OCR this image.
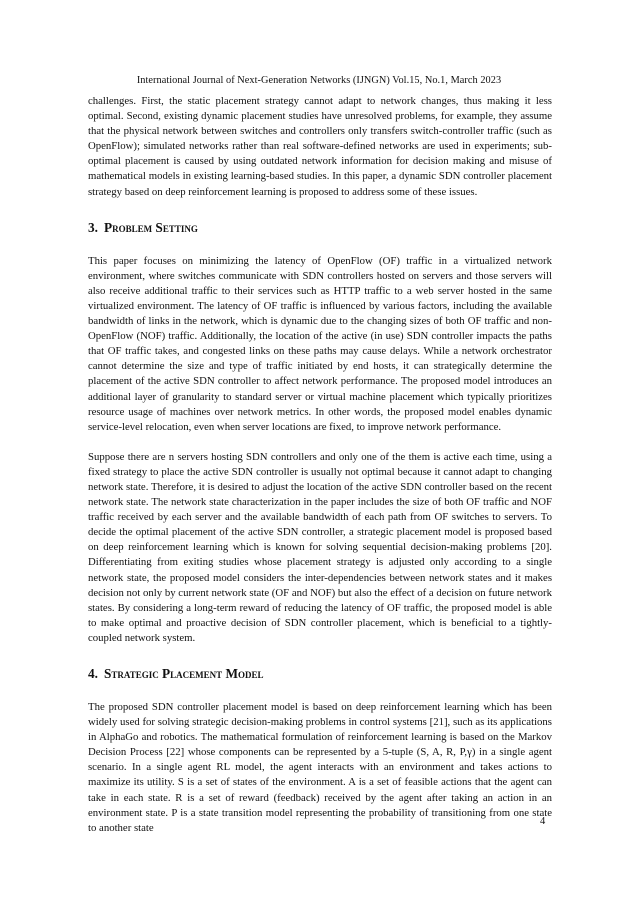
International Journal of Next-Generation Networks (IJNGN) Vol.15, No.1, March 2023

challenges. First, the static placement strategy cannot adapt to network changes, thus making it less optimal. Second, existing dynamic placement studies have unresolved problems, for example, they assume that the physical network between switches and controllers only transfers switch-controller traffic (such as OpenFlow); simulated networks rather than real software-defined networks are used in experiments; sub-optimal placement is caused by using outdated network information for decision making and misuse of mathematical models in existing learning-based studies. In this paper, a dynamic SDN controller placement strategy based on deep reinforcement learning is proposed to address some of these issues.

3. Problem Setting

This paper focuses on minimizing the latency of OpenFlow (OF) traffic in a virtualized network environment, where switches communicate with SDN controllers hosted on servers and those servers will also receive additional traffic to their services such as HTTP traffic to a web server hosted in the same virtualized environment. The latency of OF traffic is influenced by various factors, including the available bandwidth of links in the network, which is dynamic due to the changing sizes of both OF traffic and non-OpenFlow (NOF) traffic. Additionally, the location of the active (in use) SDN controller impacts the paths that OF traffic takes, and congested links on these paths may cause delays. While a network orchestrator cannot determine the size and type of traffic initiated by end hosts, it can strategically determine the placement of the active SDN controller to affect network performance. The proposed model introduces an additional layer of granularity to standard server or virtual machine placement which typically prioritizes resource usage of machines over network metrics. In other words, the proposed model enables dynamic service-level relocation, even when server locations are fixed, to improve network performance.

Suppose there are n servers hosting SDN controllers and only one of the them is active each time, using a fixed strategy to place the active SDN controller is usually not optimal because it cannot adapt to changing network state. Therefore, it is desired to adjust the location of the active SDN controller based on the recent network state. The network state characterization in the paper includes the size of both OF traffic and NOF traffic received by each server and the available bandwidth of each path from OF switches to servers. To decide the optimal placement of the active SDN controller, a strategic placement model is proposed based on deep reinforcement learning which is known for solving sequential decision-making problems [20]. Differentiating from exiting studies whose placement strategy is adjusted only according to a single network state, the proposed model considers the inter-dependencies between network states and it makes decision not only by current network state (OF and NOF) but also the effect of a decision on future network states. By considering a long-term reward of reducing the latency of OF traffic, the proposed model is able to make optimal and proactive decision of SDN controller placement, which is beneficial to a tightly-coupled network system.

4. Strategic Placement Model

The proposed SDN controller placement model is based on deep reinforcement learning which has been widely used for solving strategic decision-making problems in control systems [21], such as its applications in AlphaGo and robotics. The mathematical formulation of reinforcement learning is based on the Markov Decision Process [22] whose components can be represented by a 5-tuple (S, A, R, P,γ) in a single agent scenario. In a single agent RL model, the agent interacts with an environment and takes actions to maximize its utility. S is a set of states of the environment. A is a set of feasible actions that the agent can take in each state. R is a set of reward (feedback) received by the agent after taking an action in an environment state. P is a state transition model representing the probability of transitioning from one state to another state

4
